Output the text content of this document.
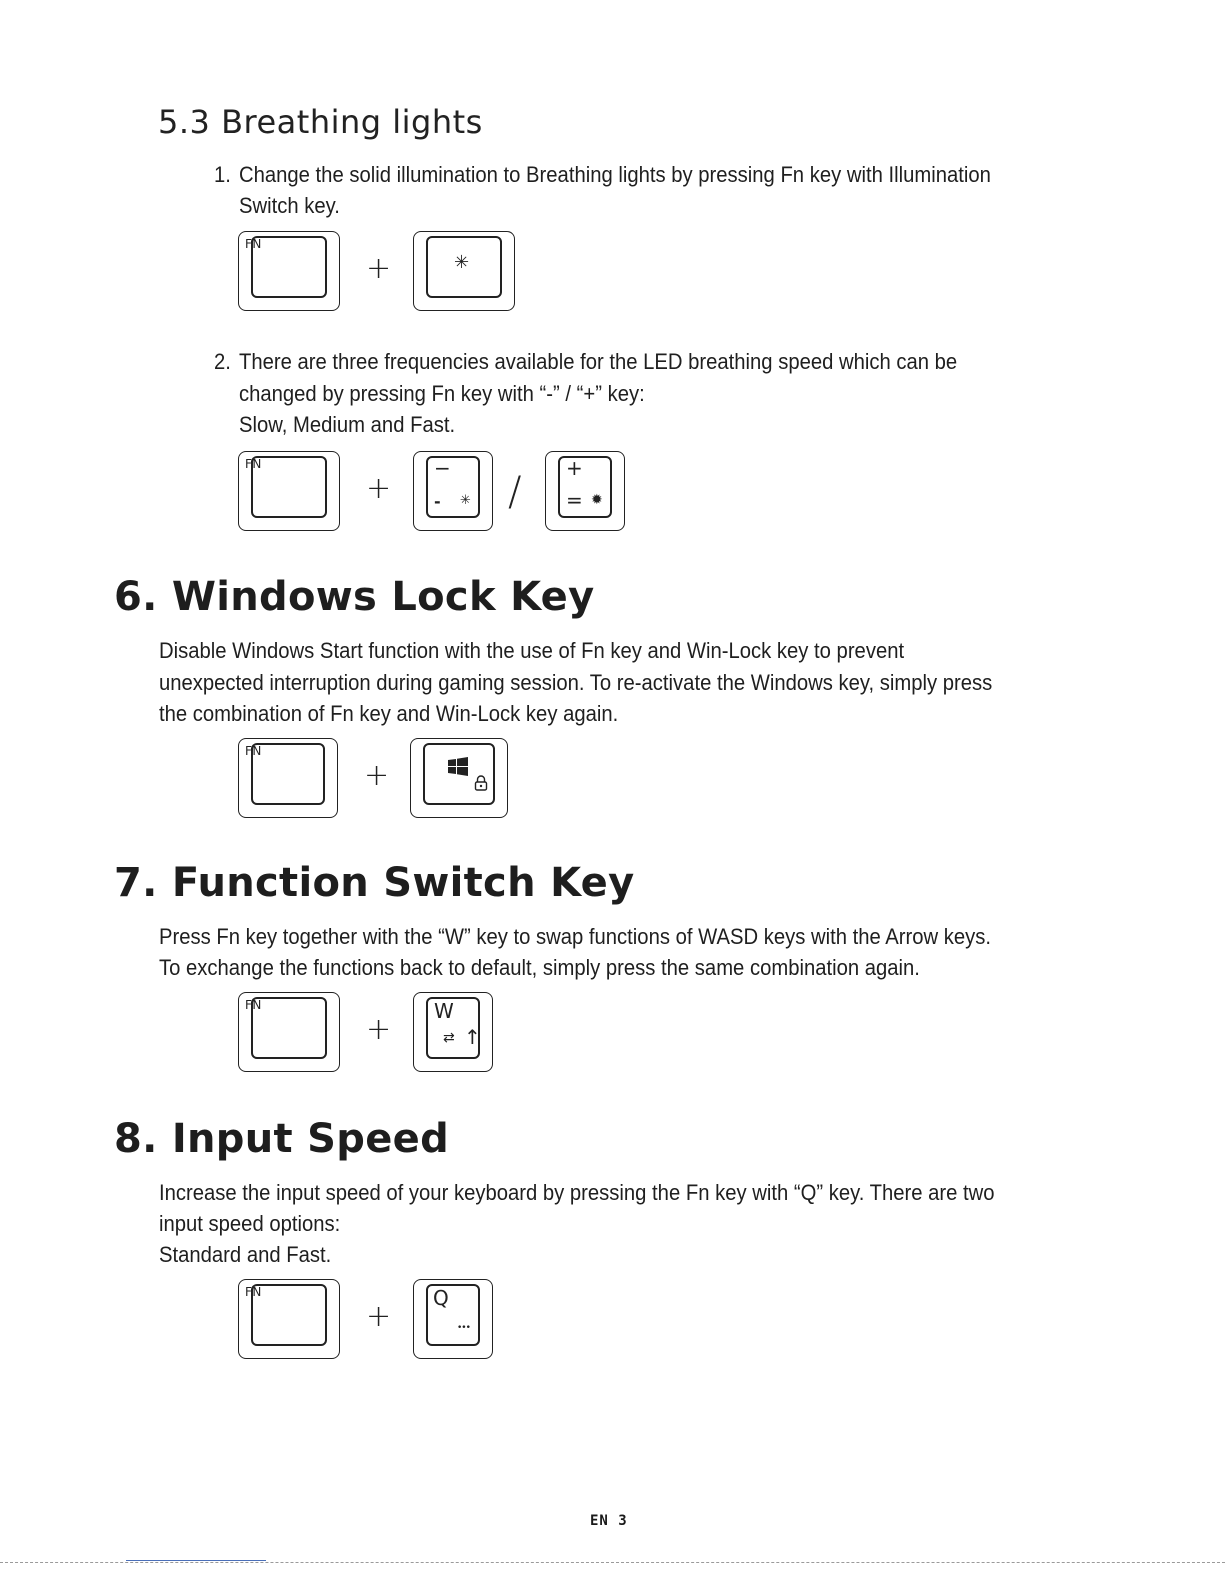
5.3 Breathing lights
1. Change the solid illumination to Breathing lights by pressing Fn key with Illumination
Switch key.
FN
+	✳
2. There are three frequencies available for the LED breathing speed which can be
changed by pressing Fn key with “-” / “+” key:
Slow, Medium and Fast.
FN
+
−
- ✳ /
+
= ✹
6. Windows Lock Key
Disable Windows Start function with the use of Fn key and Win-Lock key to prevent
unexpected interruption during gaming session. To re-activate the Windows key, simply press
the combination of Fn key and Win-Lock key again.
FN
+
7. Function Switch Key
Press Fn key together with the “W” key to swap functions of WASD keys with the Arrow keys.
To exchange the functions back to default, simply press the same combination again.
FN
+
W
⇄ ↑
8. Input Speed
Increase the input speed of your keyboard by pressing the Fn key with “Q” key. There are two
input speed options:
Standard and Fast.
FN
+
Q
•••
EN 3
